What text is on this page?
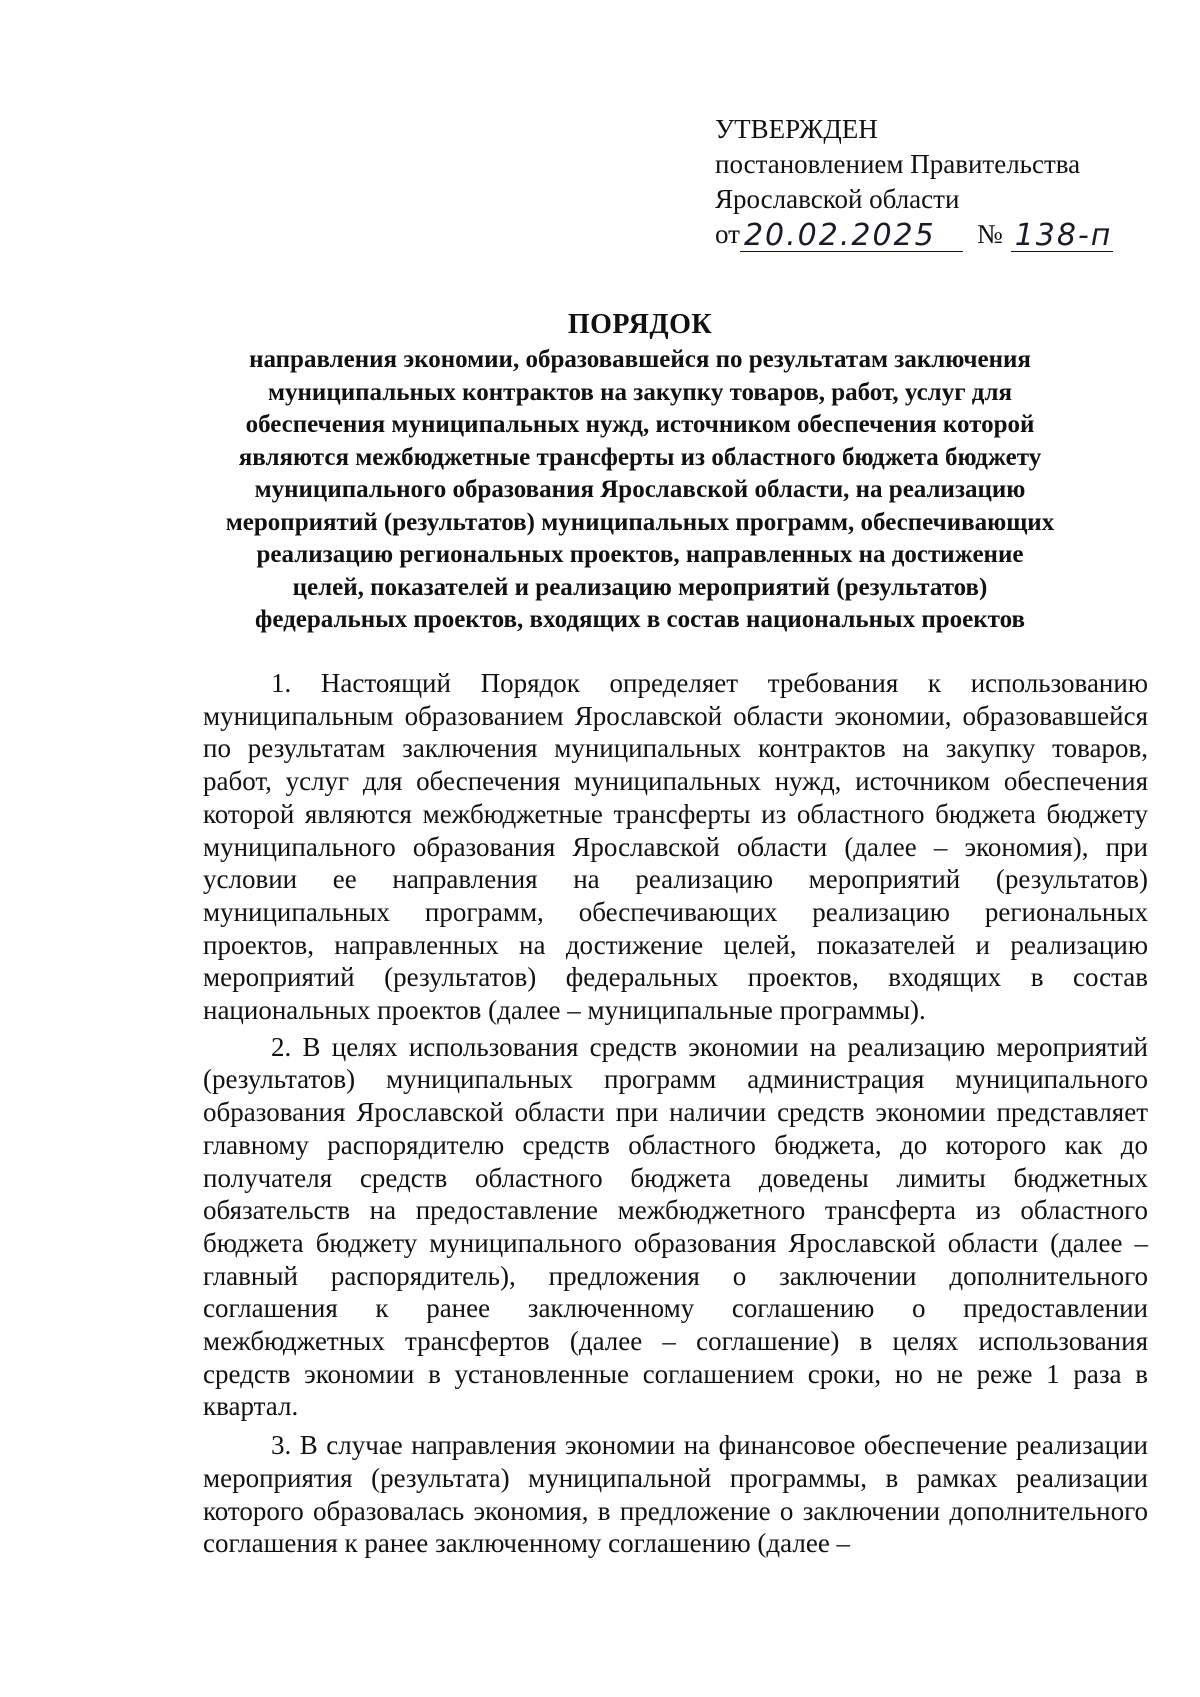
УТВЕРЖДЕН
постановлением Правительства
Ярославской области
от 20.02.2025	№ 138-п
ПОРЯДОК
направления экономии, образовавшейся по результатам заключения
муниципальных контрактов на закупку товаров, работ, услуг для
обеспечения муниципальных нужд, источником обеспечения которой
являются межбюджетные трансферты из областного бюджета бюджету
муниципального образования Ярославской области, на реализацию
мероприятий (результатов) муниципальных программ, обеспечивающих
реализацию региональных проектов, направленных на достижение
целей, показателей и реализацию мероприятий (результатов)
федеральных проектов, входящих в состав национальных проектов

1. Настоящий Порядок определяет требования к использованию муниципальным образованием Ярославской области экономии, образовавшейся по результатам заключения муниципальных контрактов на закупку товаров, работ, услуг для обеспечения муниципальных нужд, источником обеспечения которой являются межбюджетные трансферты из областного бюджета бюджету муниципального образования Ярославской области (далее – экономия), при условии ее направления на реализацию мероприятий (результатов) муниципальных программ, обеспечивающих реализацию региональных проектов, направленных на достижение целей, показателей и реализацию мероприятий (результатов) федеральных проектов, входящих в состав национальных проектов (далее – муниципальные программы).

2. В целях использования средств экономии на реализацию мероприятий (результатов) муниципальных программ администрация муниципального образования Ярославской области при наличии средств экономии представляет главному распорядителю средств областного бюджета, до которого как до получателя средств областного бюджета доведены лимиты бюджетных обязательств на предоставление межбюджетного трансферта из областного бюджета бюджету муниципального образования Ярославской области (далее – главный распорядитель), предложения о заключении дополнительного соглашения к ранее заключенному соглашению о предоставлении межбюджетных трансфертов (далее – соглашение) в целях использования средств экономии в установленные соглашением сроки, но не реже 1 раза в квартал.

3. В случае направления экономии на финансовое обеспечение реализации мероприятия (результата) муниципальной программы, в рамках реализации которого образовалась экономия, в предложение о заключении дополнительного соглашения к ранее заключенному соглашению (далее –
